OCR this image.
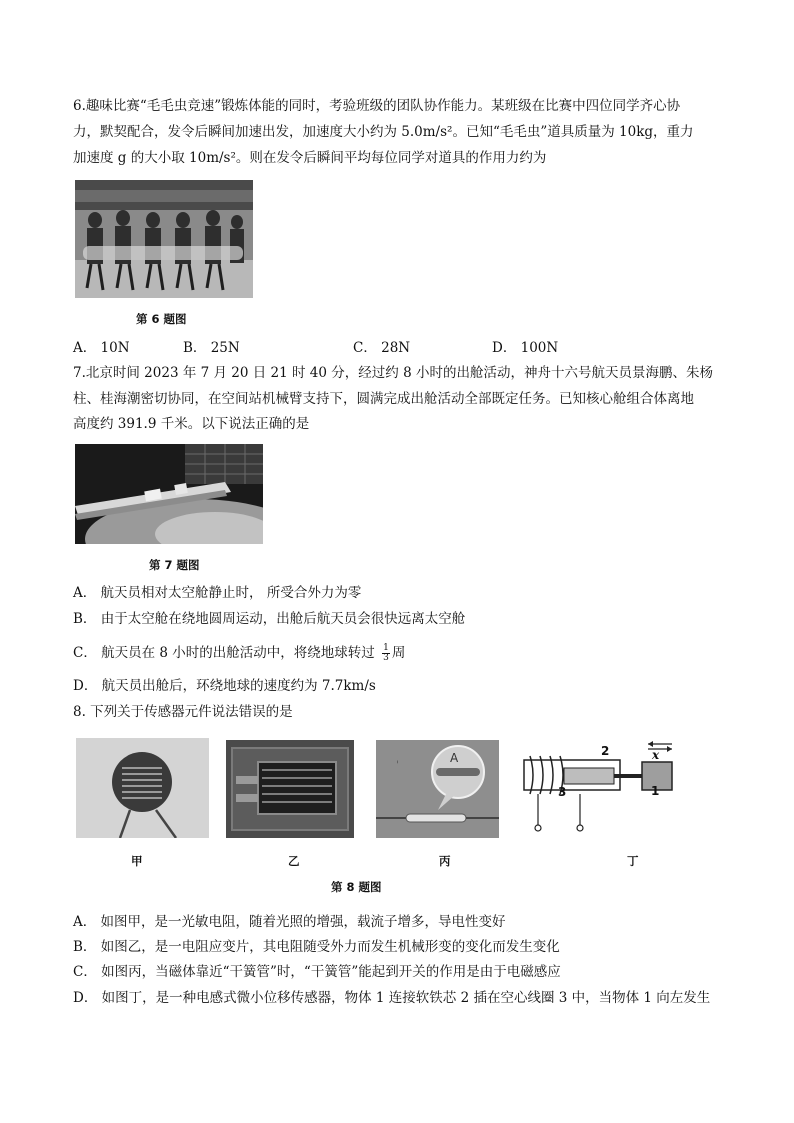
6.趣味比赛“毛毛虫竞速”锻炼体能的同时，考验班级的团队协作能力。某班级在比赛中四位同学齐心协
力，默契配合，发令后瞬间加速出发，加速度大小约为 5.0m/s²。已知“毛毛虫”道具质量为 10kg，重力
加速度 g 的大小取 10m/s²。则在发令后瞬间平均每位同学对道具的作用力约为
第 6 题图
A． 10N	B． 25N	C． 28N	D． 100N
7.北京时间 2023 年 7 月 20 日 21 时 40 分，经过约 8 小时的出舱活动，神舟十六号航天员景海鹏、朱杨
柱、桂海潮密切协同，在空间站机械臂支持下，圆满完成出舱活动全部既定任务。已知核心舱组合体离地
高度约 391.9 千米。以下说法正确的是
第 7 题图
A． 航天员相对太空舱静止时， 所受合外力为零
B． 由于太空舱在绕地圆周运动，出舱后航天员会很快远离太空舱
C． 航天员在 8 小时的出舱活动中，将绕地球转过 $\frac{1}{3}$ 周
D． 航天员出舱后，环绕地球的速度约为 7.7km/s
8. 下列关于传感器元件说法错误的是
A
'
2
3	1
x
甲	乙	丙	丁
第 8 题图
A． 如图甲，是一光敏电阻，随着光照的增强，载流子增多，导电性变好
B． 如图乙，是一电阻应变片，其电阻随受外力而发生机械形变的变化而发生变化
C． 如图丙，当磁体靠近“干簧管”时，“干簧管”能起到开关的作用是由于电磁感应
D． 如图丁，是一种电感式微小位移传感器，物体 1 连接软铁芯 2 插在空心线圈 3 中，当物体 1 向左发生
